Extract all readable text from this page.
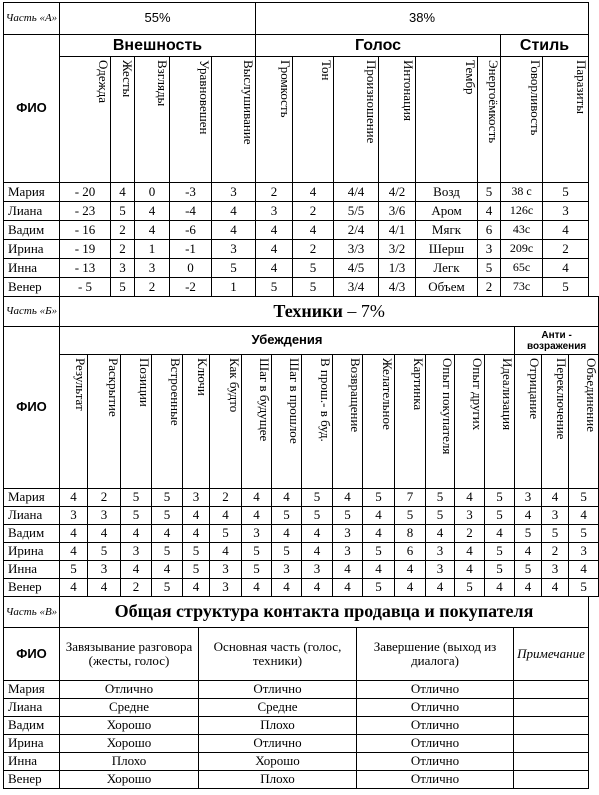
Часть «А»	55%					38%							
ФИО	Внешность					Голос						Стиль	
	Одежда	Жесты	Взгляды	Уравновешен	Выслушивание	Громкость	Тон	Произношение	Интонация	Тембр	Энергоёмкость	Говорливость	Паразиты
Мария	- 20	4	0	-3	3	2	4	4/4	4/2	Возд	5	38 с	5
Лиана	- 23	5	4	-4	4	3	2	5/5	3/6	Аром	4	126с	3
Вадим	- 16	2	4	-6	4	4	4	2/4	4/1	Мягк	6	43с	4
Ирина	- 19	2	1	-1	3	4	2	3/3	3/2	Шерш	3	209с	2
Инна	- 13	3	3	0	5	4	5	4/5	1/3	Легк	5	65с	4
Венер	- 5	5	2	-2	1	5	5	3/4	4/3	Объем	2	73с	5
Часть «Б»	Техники – 7%																	
ФИО	Убеждения															Анти - возражения		
	Результат	Раскрытие	Позиции	Встроенные	Ключи	Как будто	Шаг в будущее	Шаг в прошлое	В прош.- в буд.	Возвращение	Желательное	Картинка	Опыт покупателя	Опыт других	Идеализация	Отрицание	Переключение	Объединение
Мария	4	2	5	5	3	2	4	4	5	4	5	7	5	4	5	3	4	5
Лиана	3	3	5	5	4	4	4	5	5	5	4	5	5	3	5	4	3	4
Вадим	4	4	4	4	4	5	3	4	4	3	4	8	4	2	4	5	5	5
Ирина	4	5	3	5	5	4	5	5	4	3	5	6	3	4	5	4	2	3
Инна	5	3	4	4	5	3	5	3	3	4	4	4	3	4	5	5	3	4
Венер	4	4	2	5	4	3	4	4	4	4	5	4	4	5	4	4	4	5
Часть «В»	Общая структура контакта продавца и покупателя			
ФИО	Завязывание разговора (жесты, голос)	Основная часть (голос, техники)	Завершение (выход из диалога)	Примечание
Мария	Отлично	Отлично	Отлично	
Лиана	Средне	Средне	Отлично	
Вадим	Хорошо	Плохо	Отлично	
Ирина	Хорошо	Отлично	Отлично	
Инна	Плохо	Хорошо	Отлично	
Венер	Хорошо	Плохо	Отлично	
